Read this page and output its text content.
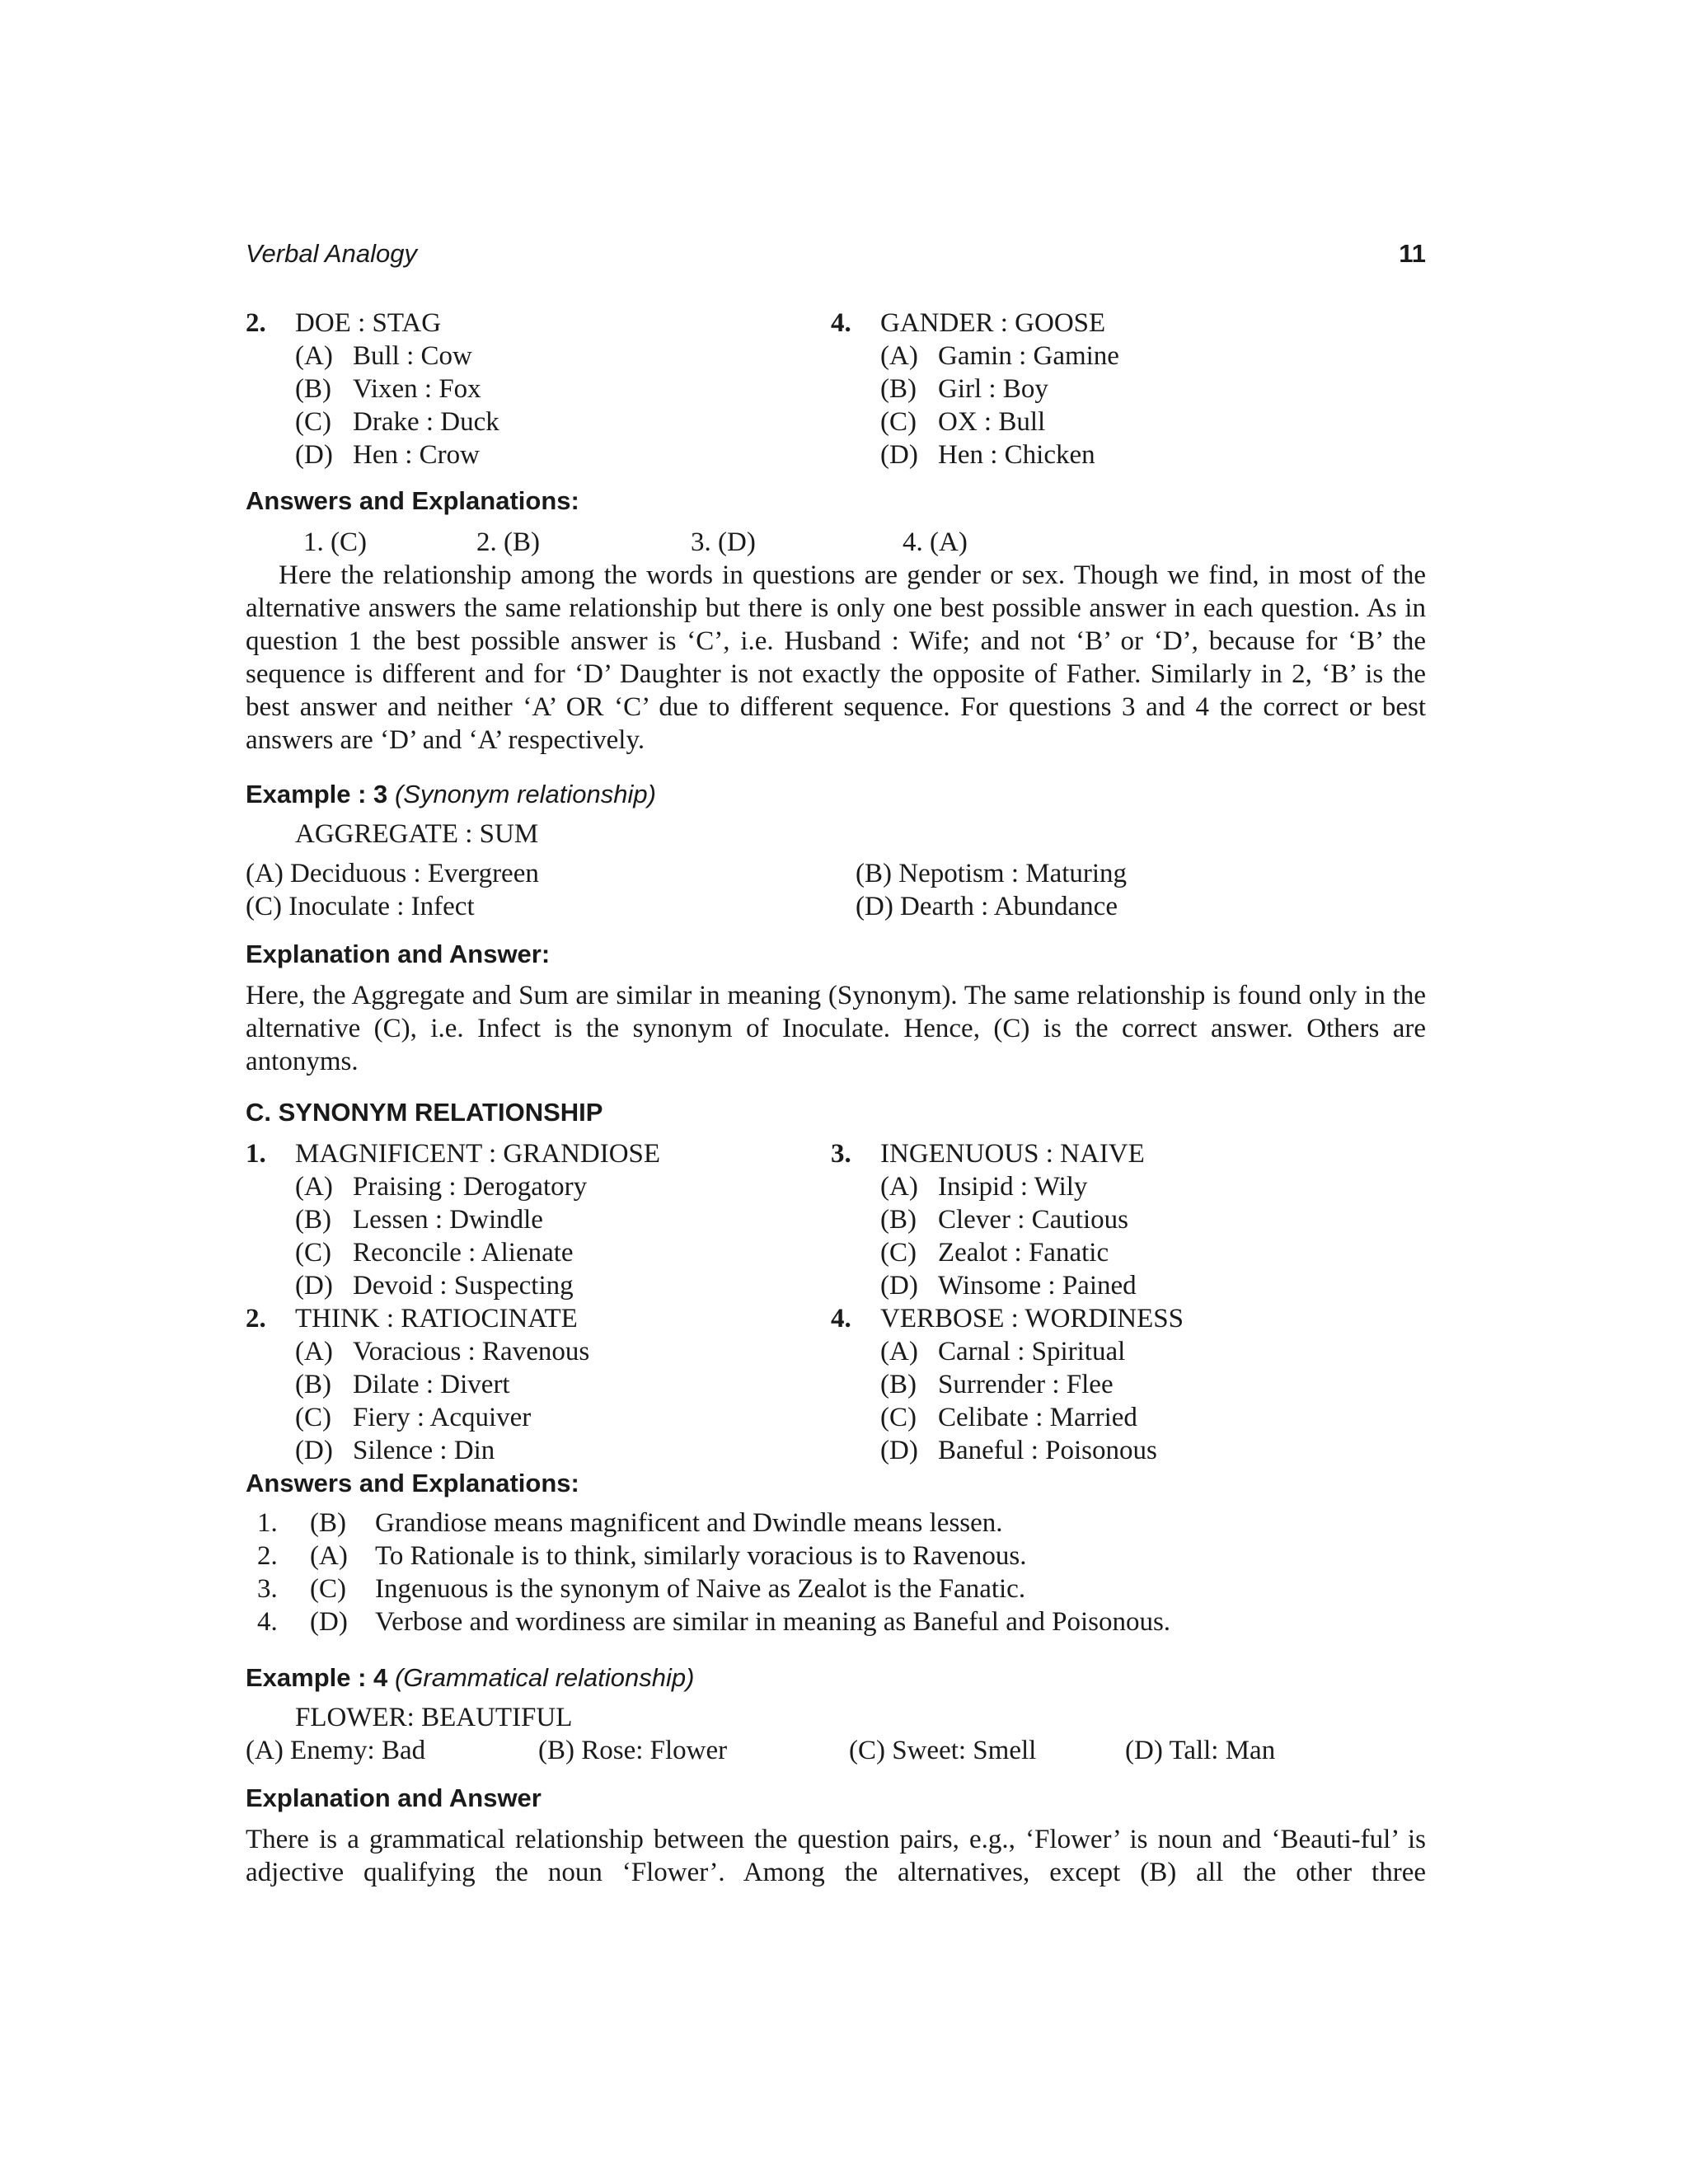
Verbal Analogy	11
2. DOE : STAG
(A) Bull : Cow
(B) Vixen : Fox
(C) Drake : Duck
(D) Hen : Crow
4. GANDER : GOOSE
(A) Gamin : Gamine
(B) Girl : Boy
(C) OX : Bull
(D) Hen : Chicken
Answers and Explanations:
1. (C)	2. (B)	3. (D)	4. (A)
Here the relationship among the words in questions are gender or sex. Though we find, in most of the alternative answers the same relationship but there is only one best possible answer in each question. As in question 1 the best possible answer is ‘C’, i.e. Husband : Wife; and not ‘B’ or ‘D’, because for ‘B’ the sequence is different and for ‘D’ Daughter is not exactly the opposite of Father. Similarly in 2, ‘B’ is the best answer and neither ‘A’ OR ‘C’ due to different sequence. For questions 3 and 4 the correct or best answers are ‘D’ and ‘A’ respectively.
Example : 3 (Synonym relationship)
AGGREGATE : SUM
(A) Deciduous : Evergreen	(B) Nepotism : Maturing
(C) Inoculate : Infect	(D) Dearth : Abundance
Explanation and Answer:
Here, the Aggregate and Sum are similar in meaning (Synonym). The same relationship is found only in the alternative (C), i.e. Infect is the synonym of Inoculate. Hence, (C) is the correct answer. Others are antonyms.
C. SYNONYM RELATIONSHIP
1. MAGNIFICENT : GRANDIOSE
(A) Praising : Derogatory
(B) Lessen : Dwindle
(C) Reconcile : Alienate
(D) Devoid : Suspecting
2. THINK : RATIOCINATE
(A) Voracious : Ravenous
(B) Dilate : Divert
(C) Fiery : Acquiver
(D) Silence : Din
3. INGENUOUS : NAIVE
(A) Insipid : Wily
(B) Clever : Cautious
(C) Zealot : Fanatic
(D) Winsome : Pained
4. VERBOSE : WORDINESS
(A) Carnal : Spiritual
(B) Surrender : Flee
(C) Celibate : Married
(D) Baneful : Poisonous
Answers and Explanations:
1. (B) Grandiose means magnificent and Dwindle means lessen.
2. (A) To Rationale is to think, similarly voracious is to Ravenous.
3. (C) Ingenuous is the synonym of Naive as Zealot is the Fanatic.
4. (D) Verbose and wordiness are similar in meaning as Baneful and Poisonous.
Example : 4 (Grammatical relationship)
FLOWER: BEAUTIFUL
(A) Enemy: Bad	(B) Rose: Flower	(C) Sweet: Smell	(D) Tall: Man
Explanation and Answer
There is a grammatical relationship between the question pairs, e.g., ‘Flower’ is noun and ‘Beauti-ful’ is adjective qualifying the noun ‘Flower’. Among the alternatives, except (B) all the other three
